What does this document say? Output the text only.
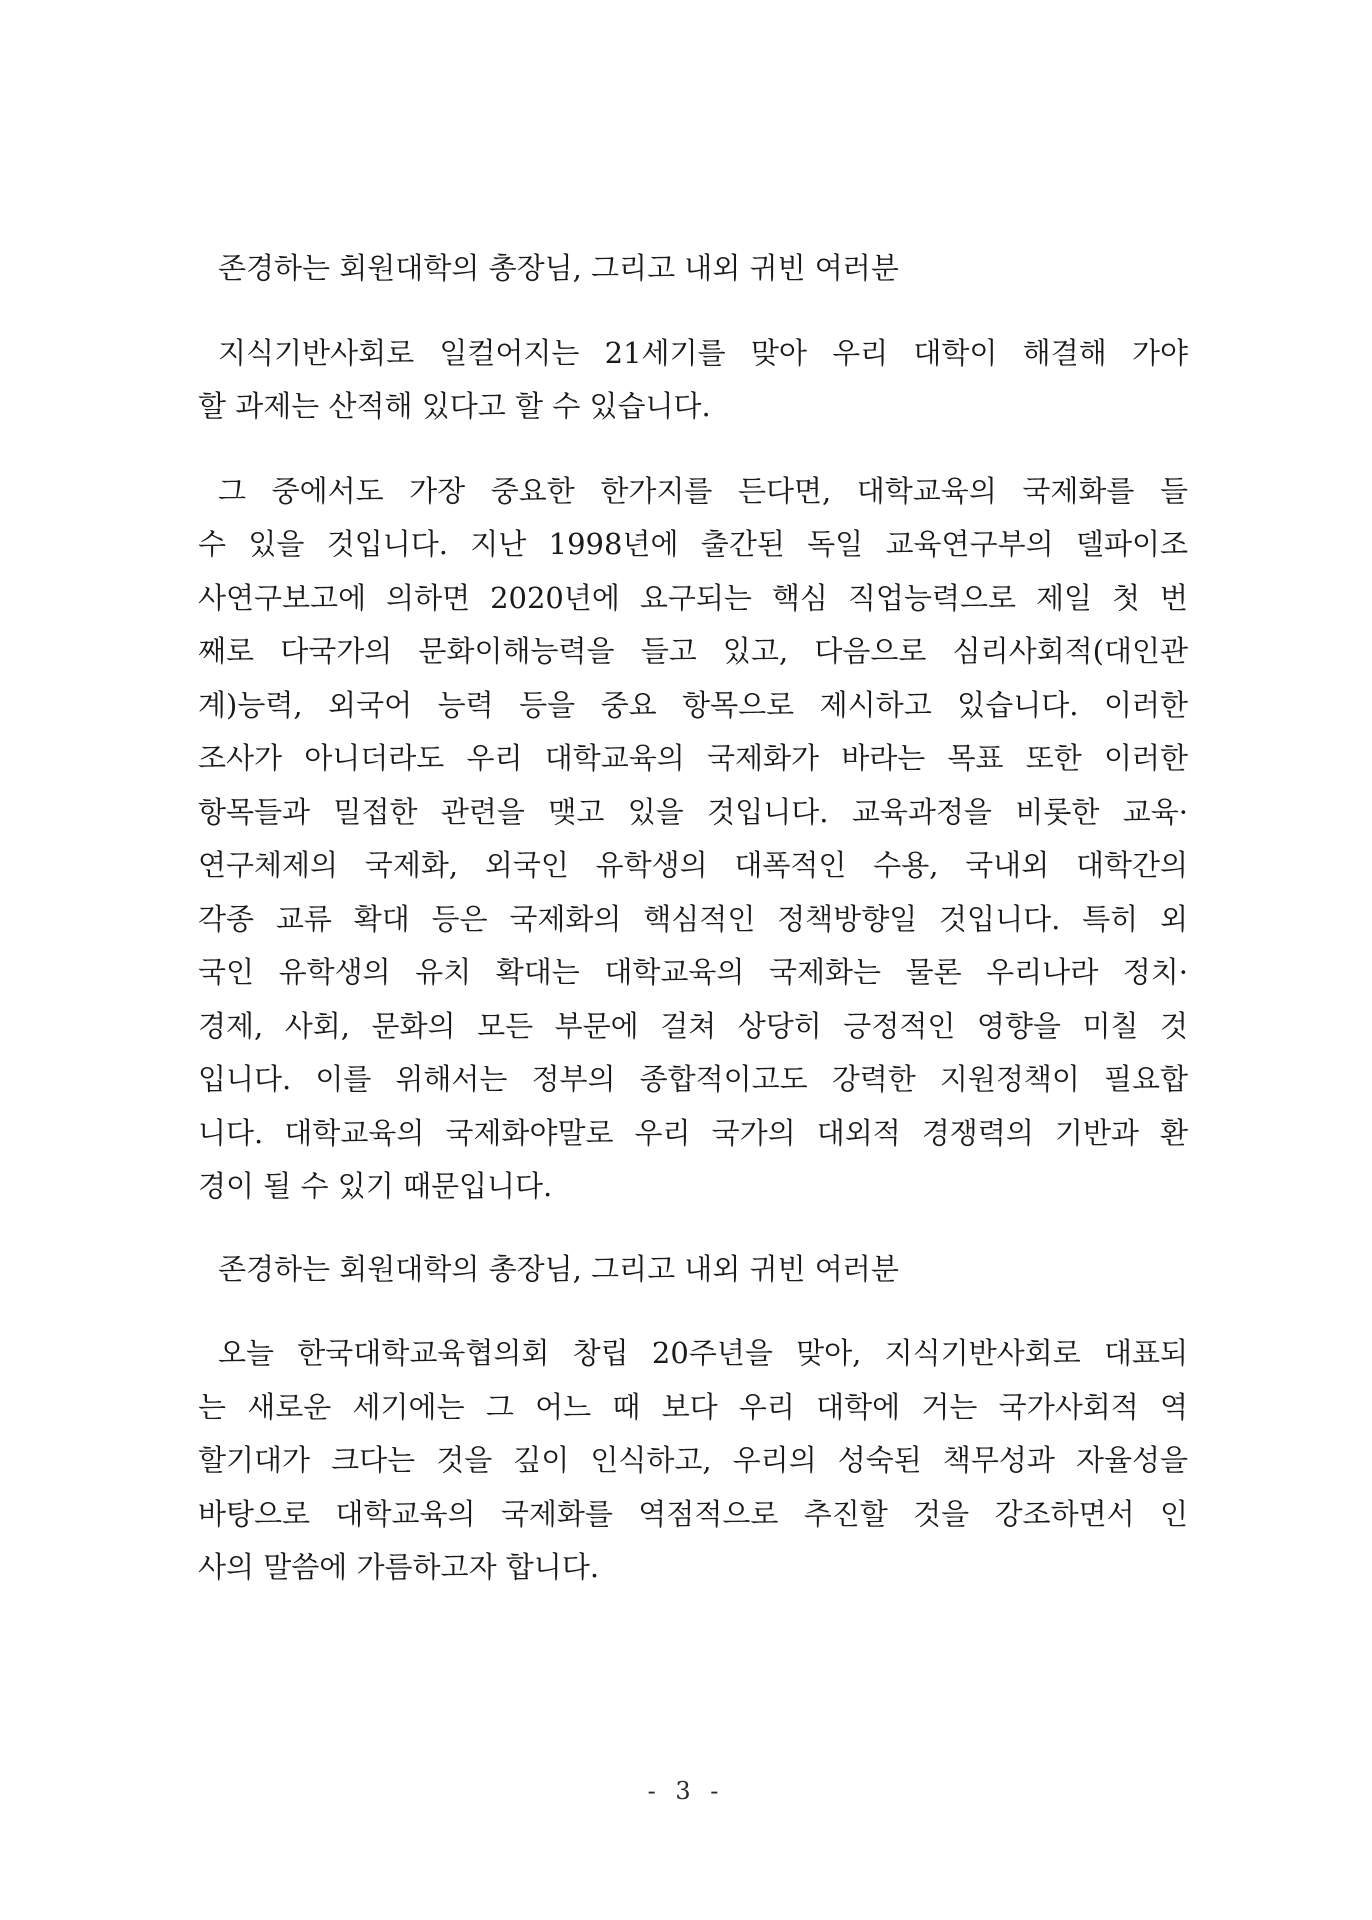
존경하는 회원대학의 총장님, 그리고 내외 귀빈 여러분
지식기반사회로 일컬어지는 21세기를 맞아 우리 대학이 해결해 가야
할 과제는 산적해 있다고 할 수 있습니다.
그 중에서도 가장 중요한 한가지를 든다면, 대학교육의 국제화를 들
수 있을 것입니다. 지난 1998년에 출간된 독일 교육연구부의 델파이조
사연구보고에 의하면 2020년에 요구되는 핵심 직업능력으로 제일 첫 번
째로 다국가의 문화이해능력을 들고 있고, 다음으로 심리사회적(대인관
계)능력, 외국어 능력 등을 중요 항목으로 제시하고 있습니다. 이러한
조사가 아니더라도 우리 대학교육의 국제화가 바라는 목표 또한 이러한
항목들과 밀접한 관련을 맺고 있을 것입니다. 교육과정을 비롯한 교육·
연구체제의 국제화, 외국인 유학생의 대폭적인 수용, 국내외 대학간의
각종 교류 확대 등은 국제화의 핵심적인 정책방향일 것입니다. 특히 외
국인 유학생의 유치 확대는 대학교육의 국제화는 물론 우리나라 정치·
경제, 사회, 문화의 모든 부문에 걸쳐 상당히 긍정적인 영향을 미칠 것
입니다. 이를 위해서는 정부의 종합적이고도 강력한 지원정책이 필요합
니다. 대학교육의 국제화야말로 우리 국가의 대외적 경쟁력의 기반과 환
경이 될 수 있기 때문입니다.
존경하는 회원대학의 총장님, 그리고 내외 귀빈 여러분
오늘 한국대학교육협의회 창립 20주년을 맞아, 지식기반사회로 대표되
는 새로운 세기에는 그 어느 때 보다 우리 대학에 거는 국가사회적 역
할기대가 크다는 것을 깊이 인식하고, 우리의 성숙된 책무성과 자율성을
바탕으로 대학교육의 국제화를 역점적으로 추진할 것을 강조하면서 인
사의 말씀에 가름하고자 합니다.
- 3 -
